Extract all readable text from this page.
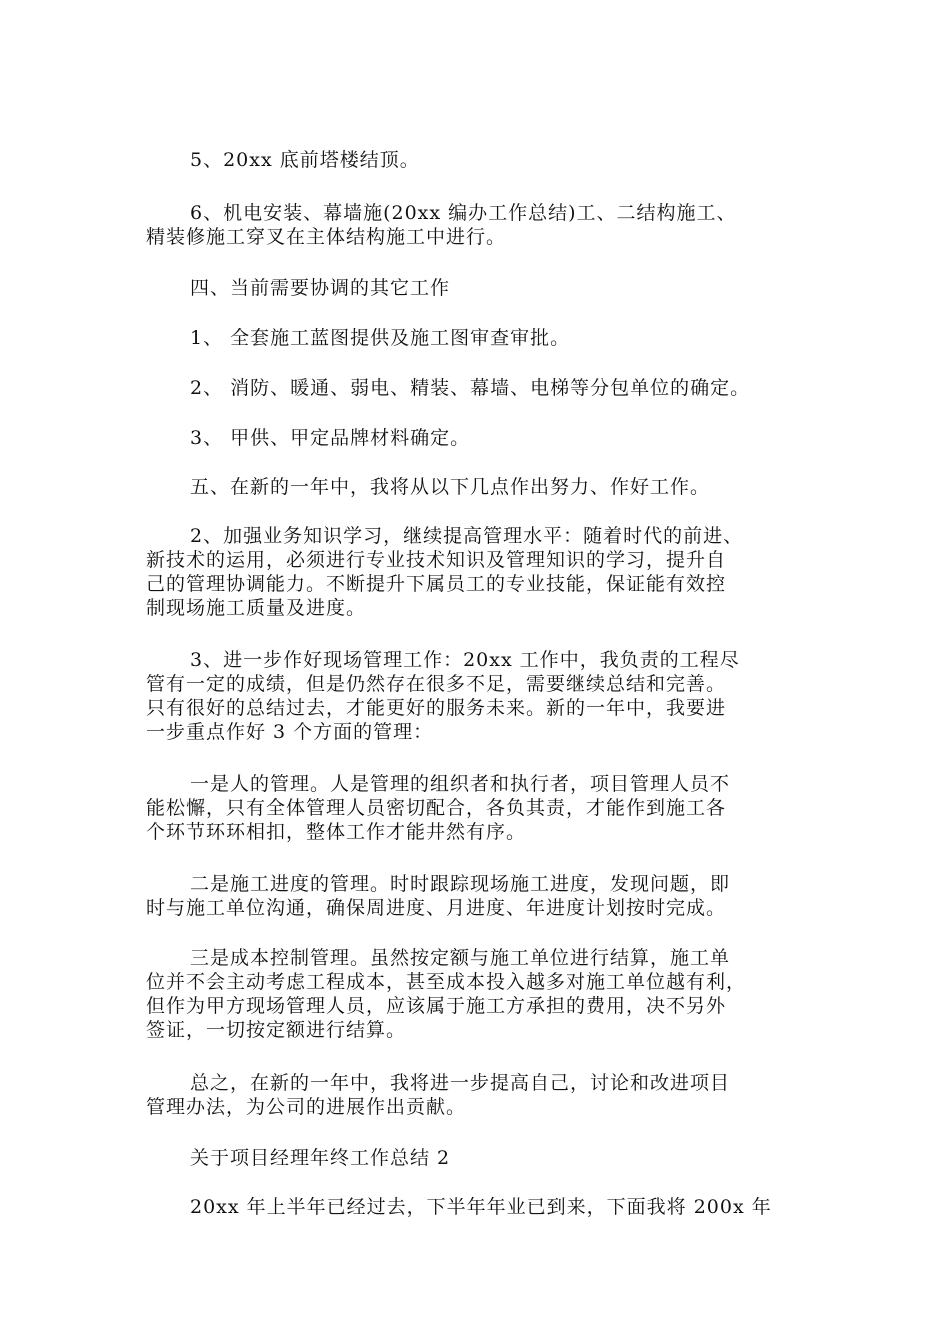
5、20xx 底前塔楼结顶。
6、机电安装、幕墙施(20xx 编办工作总结)工、二结构施工、
精装修施工穿叉在主体结构施工中进行。
四、当前需要协调的其它工作
1、 全套施工蓝图提供及施工图审查审批。
2、 消防、暖通、弱电、精装、幕墙、电梯等分包单位的确定。
3、 甲供、甲定品牌材料确定。
五、在新的一年中，我将从以下几点作出努力、作好工作。
2、加强业务知识学习，继续提高管理水平：随着时代的前进、
新技术的运用，必须进行专业技术知识及管理知识的学习，提升自
己的管理协调能力。不断提升下属员工的专业技能，保证能有效控
制现场施工质量及进度。
3、进一步作好现场管理工作：20xx 工作中，我负责的工程尽
管有一定的成绩，但是仍然存在很多不足，需要继续总结和完善。
只有很好的总结过去，才能更好的服务未来。新的一年中，我要进
一步重点作好 3 个方面的管理：
一是人的管理。人是管理的组织者和执行者，项目管理人员不
能松懈，只有全体管理人员密切配合，各负其责，才能作到施工各
个环节环环相扣，整体工作才能井然有序。
二是施工进度的管理。时时跟踪现场施工进度，发现问题，即
时与施工单位沟通，确保周进度、月进度、年进度计划按时完成。
三是成本控制管理。虽然按定额与施工单位进行结算，施工单
位并不会主动考虑工程成本，甚至成本投入越多对施工单位越有利，
但作为甲方现场管理人员，应该属于施工方承担的费用，决不另外
签证，一切按定额进行结算。
总之，在新的一年中，我将进一步提高自己，讨论和改进项目
管理办法，为公司的进展作出贡献。
关于项目经理年终工作总结 2
20xx 年上半年已经过去，下半年年业已到来，下面我将 200x 年
